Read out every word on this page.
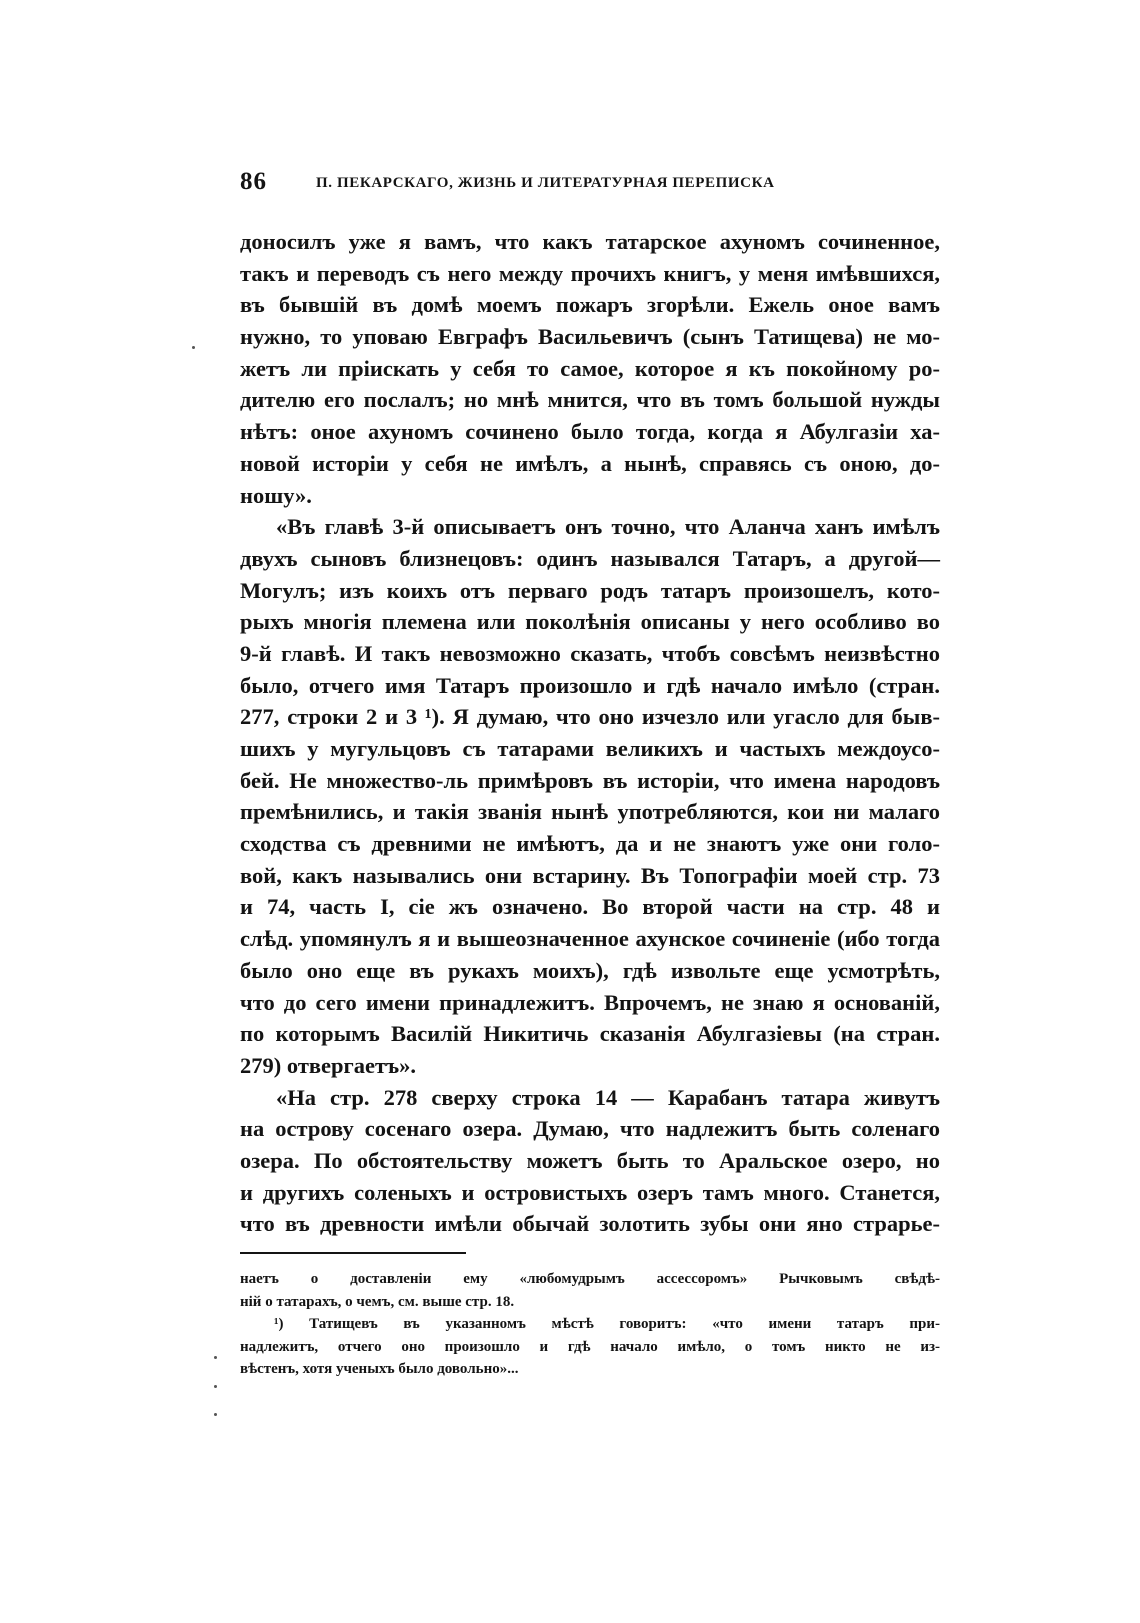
86	П. ПЕКАРСКАГО, ЖИЗНЬ И ЛИТЕРАТУРНАЯ ПЕРЕПИСКА
доносилъ уже я вамъ, что какъ татарское ахуномъ сочиненное,
такъ и переводъ съ него между прочихъ книгъ, у меня имѣвшихся,
въ бывшій въ домѣ моемъ пожаръ згорѣли. Ежель оное вамъ
нужно, то уповаю Евграфъ Васильевичъ (сынъ Татищева) не мо-
жетъ ли пріискать у себя то самое, которое я къ покойному ро-
дителю его послалъ; но мнѣ мнится, что въ томъ большой нужды
нѣтъ: оное ахуномъ сочинено было тогда, когда я Абулгазіи ха-
новой исторіи у себя не имѣлъ, а нынѣ, справясь съ оною, до-
ношу».
«Въ главѣ 3-й описываетъ онъ точно, что Аланча ханъ имѣлъ
двухъ сыновъ близнецовъ: одинъ назывался Татаръ, а другой—
Могулъ; изъ коихъ отъ перваго родъ татаръ произошелъ, кото-
рыхъ многія племена или поколѣнія описаны у него особливо во
9-й главѣ. И такъ невозможно сказать, чтобъ совсѣмъ неизвѣстно
было, отчего имя Татаръ произошло и гдѣ начало имѣло (стран.
277, строки 2 и 3 ¹). Я думаю, что оно изчезло или угасло для быв-
шихъ у мугульцовъ съ татарами великихъ и частыхъ междоусо-
бей. Не множество-ль примѣровъ въ исторіи, что имена народовъ
премѣнились, и такія званія нынѣ употребляются, кои ни малаго
сходства съ древними не имѣютъ, да и не знаютъ уже они голо-
вой, какъ назывались они встарину. Въ Топографіи моей стр. 73
и 74, часть I, сіе жъ означено. Во второй части на стр. 48 и
слѣд. упомянулъ я и вышеозначенное ахунское сочиненіе (ибо тогда
было оно еще въ рукахъ моихъ), гдѣ извольте еще усмотрѣть,
что до сего имени принадлежитъ. Впрочемъ, не знаю я основаній,
по которымъ Василій Никитичь сказанія Абулгазіевы (на стран.
279) отвергаетъ».
«На стр. 278 сверху строка 14 — Карабанъ татара живутъ
на острову сосенаго озера. Думаю, что надлежитъ быть соленаго
озера. По обстоятельству можетъ быть то Аральское озеро, но
и другихъ соленыхъ и островистыхъ озеръ тамъ много. Станется,
что въ древности имѣли обычай золотить зубы они яно страрье-
наетъ о доставленіи ему «любомудрымъ ассессоромъ» Рычковымъ свѣдѣ-
ній о татарахъ, о чемъ, см. выше стр. 18.
¹) Татищевъ въ указанномъ мѣстѣ говоритъ: «что имени татаръ при-
надлежитъ, отчего оно произошло и гдѣ начало имѣло, о томъ никто не из-
вѣстенъ, хотя ученыхъ было довольно»...
